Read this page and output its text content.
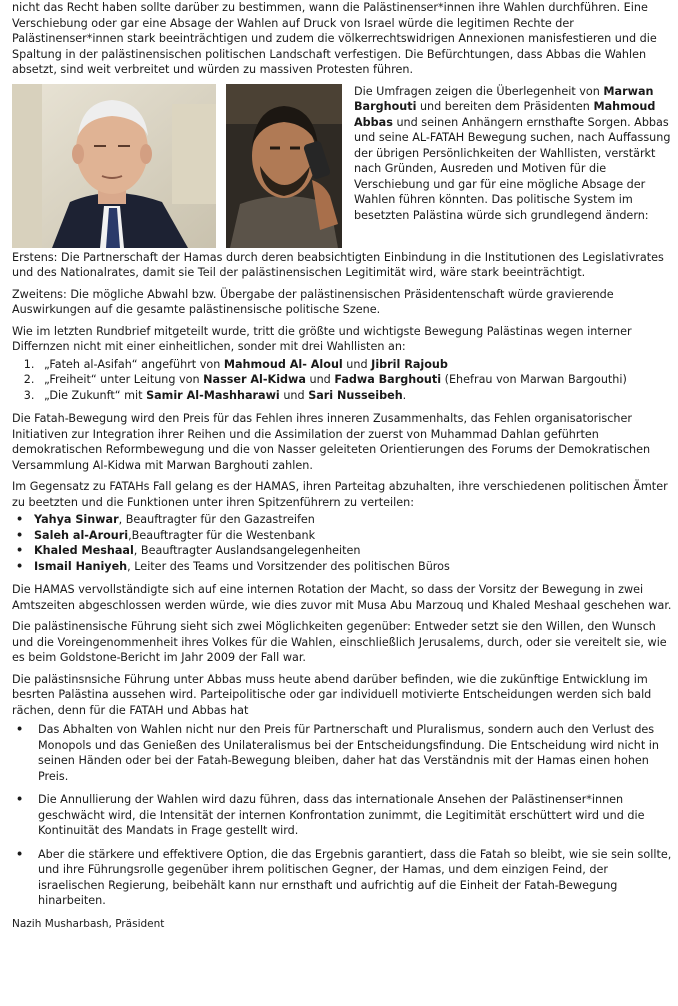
nicht das Recht haben sollte darüber zu bestimmen, wann die Palästinenser*innen ihre Wahlen durchführen. Eine Verschiebung oder gar eine Absage der Wahlen auf Druck von Israel würde die legitimen Rechte der Palästinenser*innen stark beeinträchtigen und zudem die völkerrechtswidrigen Annexionen manisfestieren und die Spaltung in der palästinensischen politischen Landschaft verfestigen. Die Befürchtungen, dass Abbas die Wahlen absetzt, sind weit verbreitet und würden zu massiven Protesten führen.

Die Umfragen zeigen die Überlegenheit von Marwan Barghouti und bereiten dem Präsidenten Mahmoud Abbas und seinen Anhängern ernsthafte Sorgen. Abbas und seine AL-FATAH Bewegung suchen, nach Auffassung der übrigen Persönlichkeiten der Wahllisten, verstärkt nach Gründen, Ausreden und Motiven für die Verschiebung und gar für eine mögliche Absage der Wahlen führen könnten. Das politische System im besetzten Palästina würde sich grundlegend ändern:

Erstens: Die Partnerschaft der Hamas durch deren beabsichtigten Einbindung in die Institutionen des Legislativrates und des Nationalrates, damit sie Teil der palästinensischen Legitimität wird, wäre stark beeinträchtigt.

Zweitens: Die mögliche Abwahl bzw. Übergabe der palästinensischen Präsidentenschaft würde gravierende Auswirkungen auf die gesamte palästinensische politische Szene.

Wie im letzten Rundbrief mitgeteilt wurde, tritt die größte und wichtigste Bewegung Palästinas wegen interner Differnzen nicht mit einer einheitlichen, sonder mit drei Wahllisten an:

1. „Fateh al-Asifah“ angeführt von Mahmoud Al- Aloul und Jibril Rajoub
2. „Freiheit“ unter Leitung von Nasser Al-Kidwa und Fadwa Barghouti (Ehefrau von Marwan Bargouthi)
3. „Die Zukunft“ mit Samir Al-Mashharawi und Sari Nusseibeh.

Die Fatah-Bewegung wird den Preis für das Fehlen ihres inneren Zusammenhalts, das Fehlen organisatorischer Initiativen zur Integration ihrer Reihen und die Assimilation der zuerst von Muhammad Dahlan geführten demokratischen Reformbewegung und die von Nasser geleiteten Orientierungen des Forums der Demokratischen Versammlung Al-Kidwa mit Marwan Barghouti zahlen.

Im Gegensatz zu FATAHs Fall gelang es der HAMAS, ihren Parteitag abzuhalten, ihre verschiedenen politischen Ämter zu beetzten und die Funktionen unter ihren Spitzenführern zu verteilen:

• Yahya Sinwar, Beauftragter für den Gazastreifen
• Saleh al-Arouri,Beauftragter für die Westenbank
• Khaled Meshaal, Beauftragter Auslandsangelegenheiten
• Ismail Haniyeh, Leiter des Teams und Vorsitzender des politischen Büros

Die HAMAS vervollständigte sich auf eine internen Rotation der Macht, so dass der Vorsitz der Bewegung in zwei Amtszeiten abgeschlossen werden würde, wie dies zuvor mit Musa Abu Marzouq und Khaled Meshaal geschehen war.

Die palästinensische Führung sieht sich zwei Möglichkeiten gegenüber: Entweder setzt sie den Willen, den Wunsch und die Voreingenommenheit ihres Volkes für die Wahlen, einschließlich Jerusalems, durch, oder sie vereitelt sie, wie es beim Goldstone-Bericht im Jahr 2009 der Fall war.

Die palästinsnsiche Führung unter Abbas muss heute abend darüber befinden, wie die zukünftige Entwicklung im besrten Palästina aussehen wird. Parteipolitische oder gar individuell motivierte Entscheidungen werden sich bald rächen, denn für die FATAH und Abbas hat

• Das Abhalten von Wahlen nicht nur den Preis für Partnerschaft und Pluralismus, sondern auch den Verlust des Monopols und das Genießen des Unilateralismus bei der Entscheidungsfindung. Die Entscheidung wird nicht in seinen Händen oder bei der Fatah-Bewegung bleiben, daher hat das Verständnis mit der Hamas einen hohen Preis.
• Die Annullierung der Wahlen wird dazu führen, dass das internationale Ansehen der Palästinenser*innen geschwächt wird, die Intensität der internen Konfrontation zunimmt, die Legitimität erschüttert wird und die Kontinuität des Mandats in Frage gestellt wird.
• Aber die stärkere und effektivere Option, die das Ergebnis garantiert, dass die Fatah so bleibt, wie sie sein sollte, und ihre Führungsrolle gegenüber ihrem politischen Gegner, der Hamas, und dem einzigen Feind, der israelischen Regierung, beibehält kann nur ernsthaft und aufrichtig auf die Einheit der Fatah-Bewegung hinarbeiten.
Nazih Musharbash, Präsident
